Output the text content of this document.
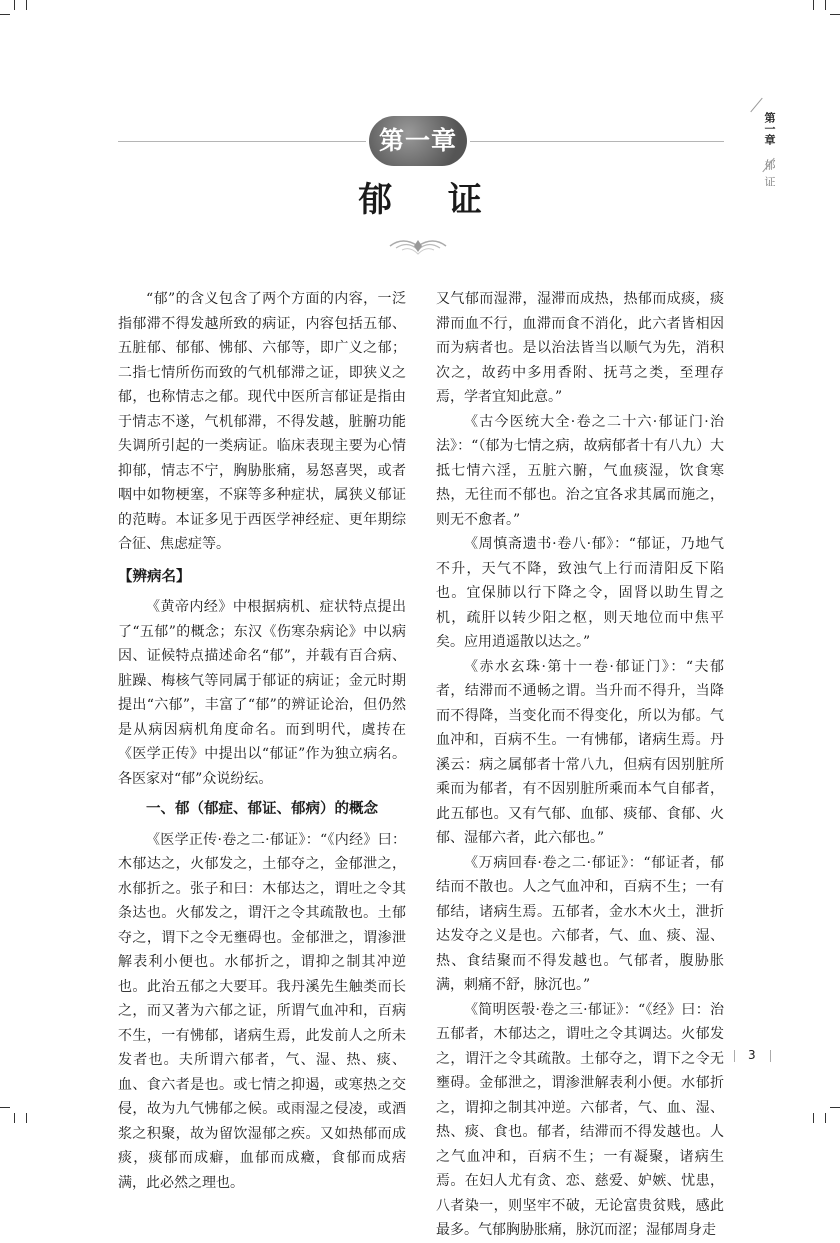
第一章
郁证
第一章
郁 证

“郁”的含义包含了两个方面的内容，一泛指郁滞不得发越所致的病证，内容包括五郁、五脏郁、郁郁、怫郁、六郁等，即广义之郁；二指七情所伤而致的气机郁滞之证，即狭义之郁，也称情志之郁。现代中医所言郁证是指由于情志不遂，气机郁滞，不得发越，脏腑功能失调所引起的一类病证。临床表现主要为心情抑郁，情志不宁，胸胁胀痛，易怒喜哭，或者咽中如物梗塞，不寐等多种症状，属狭义郁证的范畴。本证多见于西医学神经症、更年期综合征、焦虑症等。

【辨病名】

《黄帝内经》中根据病机、症状特点提出了“五郁”的概念；东汉《伤寒杂病论》中以病因、证候特点描述命名“郁”，并载有百合病、脏躁、梅核气等同属于郁证的病证；金元时期提出“六郁”，丰富了“郁”的辨证论治，但仍然是从病因病机角度命名。而到明代，虞抟在《医学正传》中提出以“郁证”作为独立病名。各医家对“郁”众说纷纭。

一、郁（郁症、郁证、郁病）的概念

《医学正传·卷之二·郁证》：“《内经》曰：木郁达之，火郁发之，土郁夺之，金郁泄之，水郁折之。张子和曰：木郁达之，谓吐之令其条达也。火郁发之，谓汗之令其疏散也。土郁夺之，谓下之令无壅碍也。金郁泄之，谓渗泄解表利小便也。水郁折之，谓抑之制其冲逆也。此治五郁之大要耳。我丹溪先生触类而长之，而又著为六郁之证，所谓气血冲和，百病不生，一有怫郁，诸病生焉，此发前人之所未发者也。夫所谓六郁者，气、湿、热、痰、血、食六者是也。或七情之抑遏，或寒热之交侵，故为九气怫郁之候。或雨湿之侵凌，或酒浆之积聚，故为留饮湿郁之疾。又如热郁而成痰，痰郁而成癖，血郁而成癥，食郁而成痞满，此必然之理也。

又气郁而湿滞，湿滞而成热，热郁而成痰，痰滞而血不行，血滞而食不消化，此六者皆相因而为病者也。是以治法皆当以顺气为先，消积次之，故药中多用香附、抚芎之类，至理存焉，学者宜知此意。”

《古今医统大全·卷之二十六·郁证门·治法》：“（郁为七情之病，故病郁者十有八九）大抵七情六淫，五脏六腑，气血痰湿，饮食寒热，无往而不郁也。治之宜各求其属而施之，则无不愈者。”

《周慎斋遗书·卷八·郁》：“郁证，乃地气不升，天气不降，致浊气上行而清阳反下陷也。宜保肺以行下降之令，固肾以助生胃之机，疏肝以转少阳之枢，则天地位而中焦平矣。应用逍遥散以达之。”

《赤水玄珠·第十一卷·郁证门》：“夫郁者，结滞而不通畅之谓。当升而不得升，当降而不得降，当变化而不得变化，所以为郁。气血冲和，百病不生。一有怫郁，诸病生焉。丹溪云：病之属郁者十常八九，但病有因别脏所乘而为郁者，有不因别脏所乘而本气自郁者，此五郁也。又有气郁、血郁、痰郁、食郁、火郁、湿郁六者，此六郁也。”

《万病回春·卷之二·郁证》：“郁证者，郁结而不散也。人之气血冲和，百病不生；一有郁结，诸病生焉。五郁者，金水木火土，泄折达发夺之义是也。六郁者，气、血、痰、湿、热、食结聚而不得发越也。气郁者，腹胁胀满，刺痛不舒，脉沉也。”

《简明医彀·卷之三·郁证》：“《经》曰：治五郁者，木郁达之，谓吐之令其调达。火郁发之，谓汗之令其疏散。土郁夺之，谓下之令无壅碍。金郁泄之，谓渗泄解表利小便。水郁折之，谓抑之制其冲逆。六郁者，气、血、湿、热、痰、食也。郁者，结滞而不得发越也。人之气血冲和，百病不生；一有凝聚，诸病生焉。在妇人尤有贪、恋、慈爱、妒嫉、忧患，八者染一，则坚牢不破，无论富贵贫贱，感此最多。气郁胸胁胀痛，脉沉而涩；湿郁周身走

3
